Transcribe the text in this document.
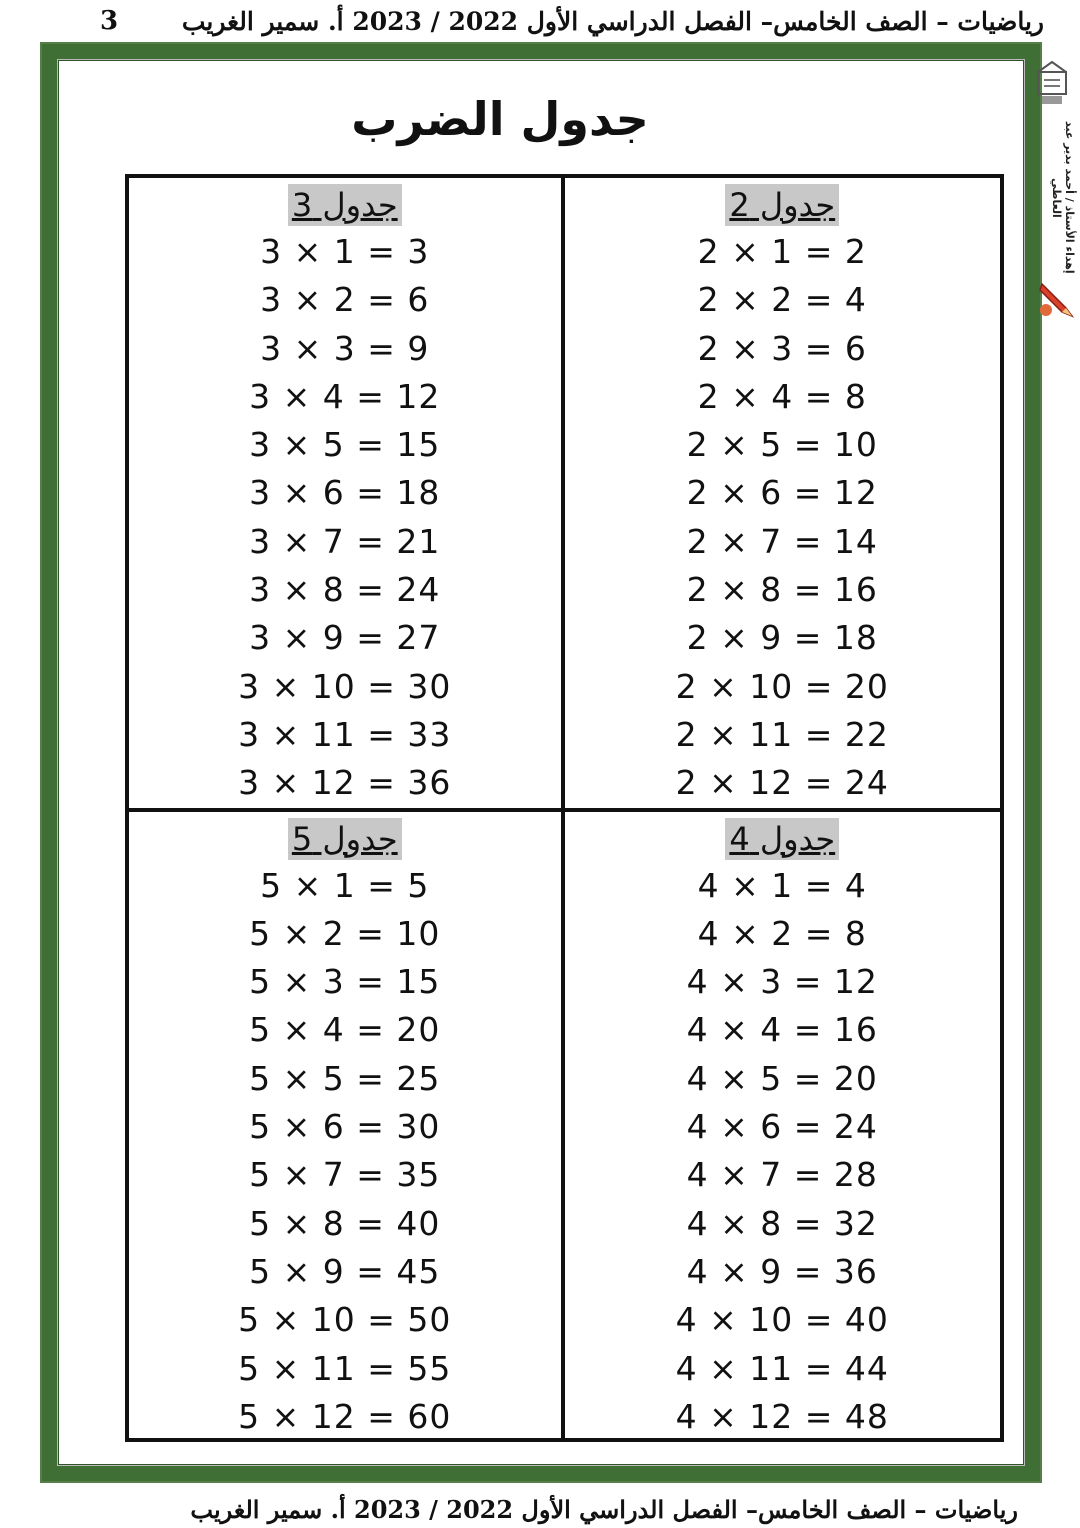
3	رياضيات – الصف الخامس– الفصل الدراسي الأول 2022 / 2023 أ. سمير الغريب
إهداء الأستاذ / أحمد بدير عبد العاطي
جدول الضرب
جدول 3
3 × 1 = 3
3 × 2 = 6
3 × 3 = 9
3 × 4 = 12
3 × 5 = 15
3 × 6 = 18
3 × 7 = 21
3 × 8 = 24
3 × 9 = 27
3 × 10 = 30
3 × 11 = 33
3 × 12 = 36
جدول 2
2 × 1 = 2
2 × 2 = 4
2 × 3 = 6
2 × 4 = 8
2 × 5 = 10
2 × 6 = 12
2 × 7 = 14
2 × 8 = 16
2 × 9 = 18
2 × 10 = 20
2 × 11 = 22
2 × 12 = 24
جدول 5
5 × 1 = 5
5 × 2 = 10
5 × 3 = 15
5 × 4 = 20
5 × 5 = 25
5 × 6 = 30
5 × 7 = 35
5 × 8 = 40
5 × 9 = 45
5 × 10 = 50
5 × 11 = 55
5 × 12 = 60
جدول 4
4 × 1 = 4
4 × 2 = 8
4 × 3 = 12
4 × 4 = 16
4 × 5 = 20
4 × 6 = 24
4 × 7 = 28
4 × 8 = 32
4 × 9 = 36
4 × 10 = 40
4 × 11 = 44
4 × 12 = 48
رياضيات – الصف الخامس– الفصل الدراسي الأول 2022 / 2023 أ. سمير الغريب
